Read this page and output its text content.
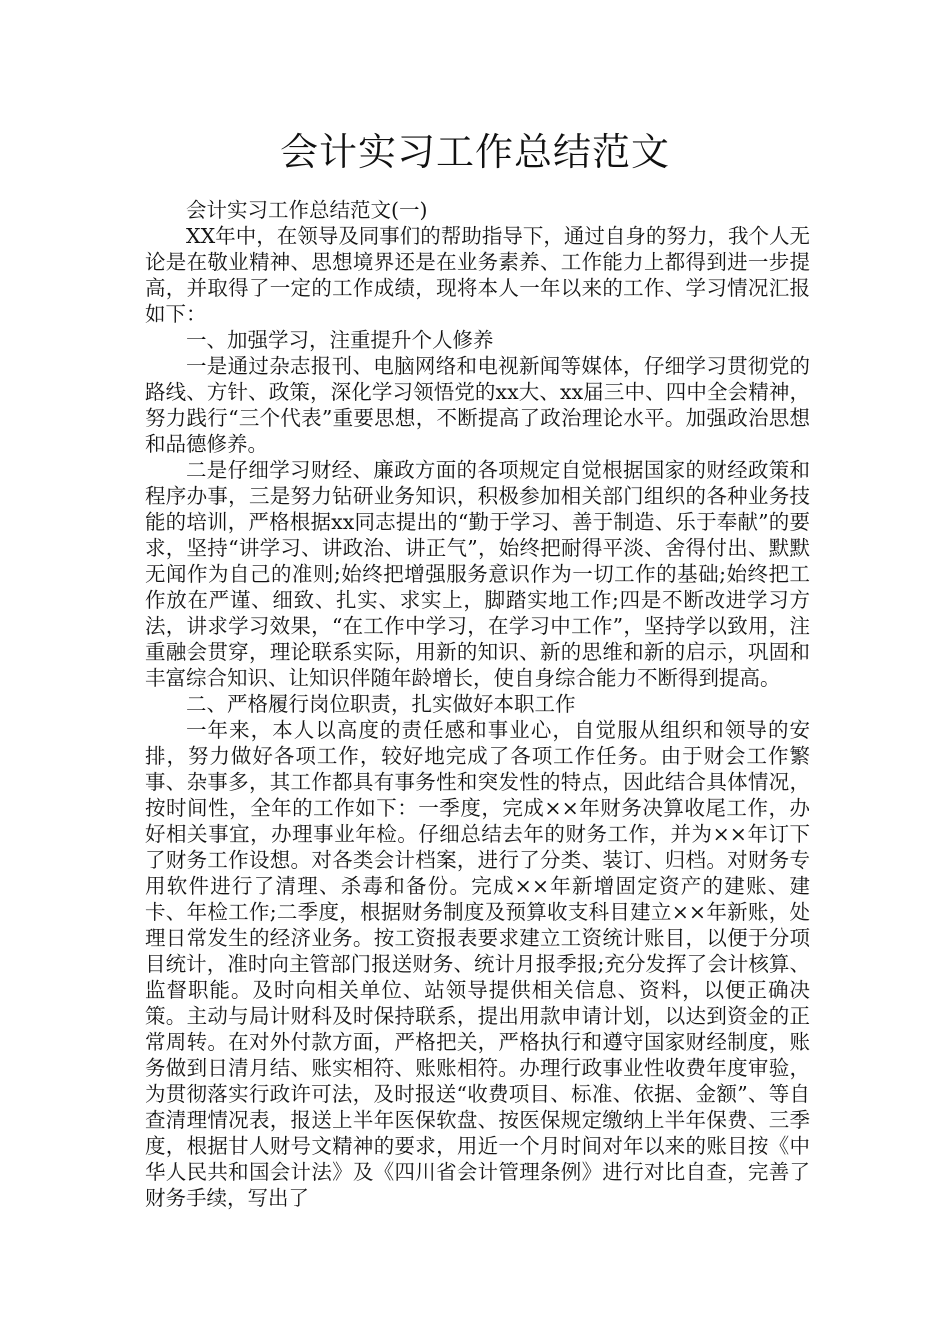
会计实习工作总结范文

会计实习工作总结范文(一)

XX年中，在领导及同事们的帮助指导下，通过自身的努力，我个人无论是在敬业精神、思想境界还是在业务素养、工作能力上都得到进一步提高，并取得了一定的工作成绩，现将本人一年以来的工作、学习情况汇报如下：

一、加强学习，注重提升个人修养

一是通过杂志报刊、电脑网络和电视新闻等媒体，仔细学习贯彻党的路线、方针、政策，深化学习领悟党的xx大、xx届三中、四中全会精神，努力践行“三个代表”重要思想，不断提高了政治理论水平。加强政治思想和品德修养。

二是仔细学习财经、廉政方面的各项规定自觉根据国家的财经政策和程序办事，三是努力钻研业务知识，积极参加相关部门组织的各种业务技能的培训，严格根据xx同志提出的“勤于学习、善于制造、乐于奉献”的要求，坚持“讲学习、讲政治、讲正气”，始终把耐得平淡、舍得付出、默默无闻作为自己的准则;始终把增强服务意识作为一切工作的基础;始终把工作放在严谨、细致、扎实、求实上，脚踏实地工作;四是不断改进学习方法，讲求学习效果，“在工作中学习，在学习中工作”，坚持学以致用，注重融会贯穿，理论联系实际，用新的知识、新的思维和新的启示，巩固和丰富综合知识、让知识伴随年龄增长，使自身综合能力不断得到提高。

二、严格履行岗位职责，扎实做好本职工作

一年来，本人以高度的责任感和事业心，自觉服从组织和领导的安排，努力做好各项工作，较好地完成了各项工作任务。由于财会工作繁事、杂事多，其工作都具有事务性和突发性的特点，因此结合具体情况，按时间性，全年的工作如下：一季度，完成××年财务决算收尾工作，办好相关事宜，办理事业年检。仔细总结去年的财务工作，并为××年订下了财务工作设想。对各类会计档案，进行了分类、装订、归档。对财务专用软件进行了清理、杀毒和备份。完成××年新增固定资产的建账、建卡、年检工作;二季度，根据财务制度及预算收支科目建立××年新账，处理日常发生的经济业务。按工资报表要求建立工资统计账目，以便于分项目统计，准时向主管部门报送财务、统计月报季报;充分发挥了会计核算、监督职能。及时向相关单位、站领导提供相关信息、资料，以便正确决策。主动与局计财科及时保持联系，提出用款申请计划，以达到资金的正常周转。在对外付款方面，严格把关，严格执行和遵守国家财经制度，账务做到日清月结、账实相符、账账相符。办理行政事业性收费年度审验，为贯彻落实行政许可法，及时报送“收费项目、标准、依据、金额”、等自查清理情况表，报送上半年医保软盘、按医保规定缴纳上半年保费、三季度，根据甘人财号文精神的要求，用近一个月时间对年以来的账目按《中华人民共和国会计法》及《四川省会计管理条例》进行对比自查，完善了财务手续，写出了
